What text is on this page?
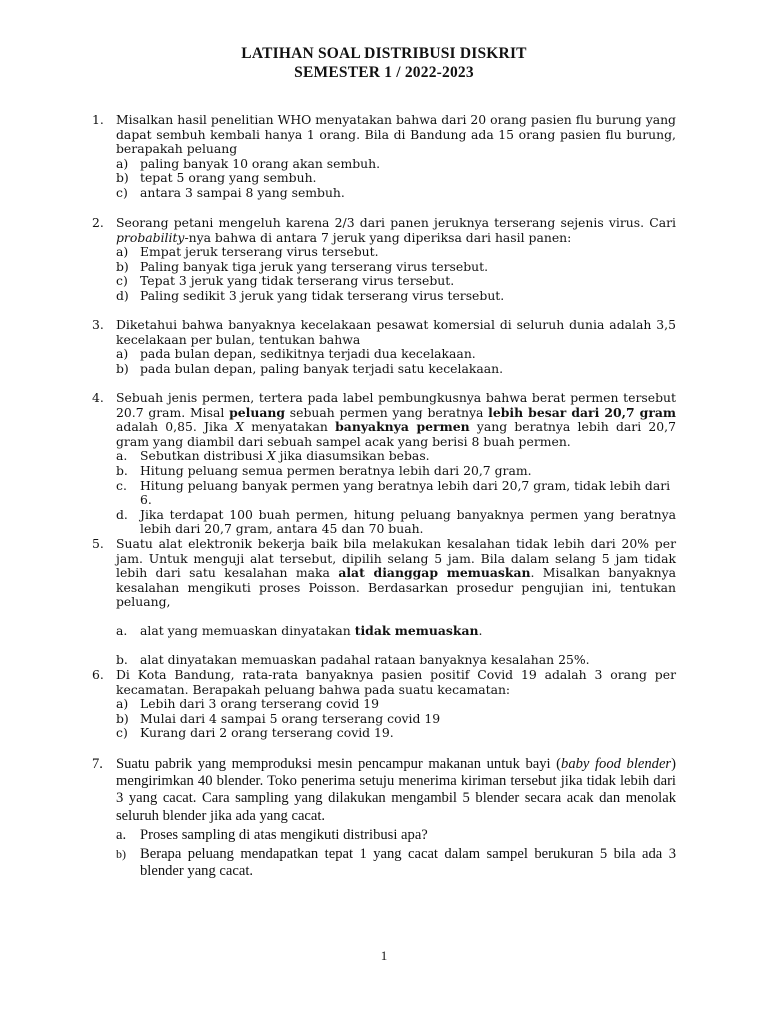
LATIHAN SOAL DISTRIBUSI DISKRIT
SEMESTER 1 / 2022-2023
1. Misalkan hasil penelitian WHO menyatakan bahwa dari 20 orang pasien flu burung yang dapat sembuh kembali hanya 1 orang. Bila di Bandung ada 15 orang pasien flu burung, berapakah peluang
a) paling banyak 10 orang akan sembuh.
b) tepat 5 orang yang sembuh.
c) antara 3 sampai 8 yang sembuh.
2. Seorang petani mengeluh karena 2/3 dari panen jeruknya terserang sejenis virus. Cari probability-nya bahwa di antara 7 jeruk yang diperiksa dari hasil panen:
a) Empat jeruk terserang virus tersebut.
b) Paling banyak tiga jeruk yang terserang virus tersebut.
c) Tepat 3 jeruk yang tidak terserang virus tersebut.
d) Paling sedikit 3 jeruk yang tidak terserang virus tersebut.
3. Diketahui bahwa banyaknya kecelakaan pesawat komersial di seluruh dunia adalah 3,5 kecelakaan per bulan, tentukan bahwa
a) pada bulan depan, sedikitnya terjadi dua kecelakaan.
b) pada bulan depan, paling banyak terjadi satu kecelakaan.
4. Sebuah jenis permen, tertera pada label pembungkusnya bahwa berat permen tersebut 20.7 gram. Misal peluang sebuah permen yang beratnya lebih besar dari 20,7 gram adalah 0,85. Jika X menyatakan banyaknya permen yang beratnya lebih dari 20,7 gram yang diambil dari sebuah sampel acak yang berisi 8 buah permen.
a. Sebutkan distribusi X jika diasumsikan bebas.
b. Hitung peluang semua permen beratnya lebih dari 20,7 gram.
c. Hitung peluang banyak permen yang beratnya lebih dari 20,7 gram, tidak lebih dari 6.
d. Jika terdapat 100 buah permen, hitung peluang banyaknya permen yang beratnya lebih dari 20,7 gram, antara 45 dan 70 buah.
5. Suatu alat elektronik bekerja baik bila melakukan kesalahan tidak lebih dari 20% per jam. Untuk menguji alat tersebut, dipilih selang 5 jam. Bila dalam selang 5 jam tidak lebih dari satu kesalahan maka alat dianggap memuaskan. Misalkan banyaknya kesalahan mengikuti proses Poisson. Berdasarkan prosedur pengujian ini, tentukan peluang,
a. alat yang memuaskan dinyatakan tidak memuaskan.
b. alat dinyatakan memuaskan padahal rataan banyaknya kesalahan 25%.
6. Di Kota Bandung, rata-rata banyaknya pasien positif Covid 19 adalah 3 orang per kecamatan. Berapakah peluang bahwa pada suatu kecamatan:
a) Lebih dari 3 orang terserang covid 19
b) Mulai dari 4 sampai 5 orang terserang covid 19
c) Kurang dari 2 orang terserang covid 19.
7. Suatu pabrik yang memproduksi mesin pencampur makanan untuk bayi (baby food blender) mengirimkan 40 blender. Toko penerima setuju menerima kiriman tersebut jika tidak lebih dari 3 yang cacat. Cara sampling yang dilakukan mengambil 5 blender secara acak dan menolak seluruh blender jika ada yang cacat.
a. Proses sampling di atas mengikuti distribusi apa?
b) Berapa peluang mendapatkan tepat 1 yang cacat dalam sampel berukuran 5 bila ada 3 blender yang cacat.
1
